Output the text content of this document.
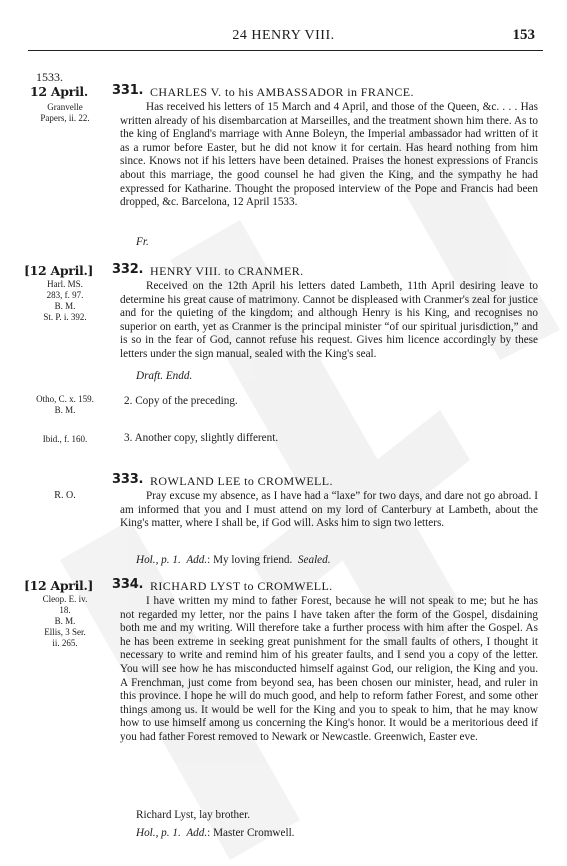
24 HENRY VIII.	153
1533.
12 April.
Granvelle
Papers, ii. 22.
331. CHARLES V. to his AMBASSADOR in FRANCE.
Has received his letters of 15 March and 4 April, and those of the Queen, &c. . . . Has written already of his disembarcation at Marseilles, and the treatment shown him there. As to the king of England's marriage with Anne Boleyn, the Imperial ambassador had written of it as a rumor before Easter, but he did not know it for certain. Has heard nothing from him since. Knows not if his letters have been detained. Praises the honest expressions of Francis about this marriage, the good counsel he had given the King, and the sympathy he had expressed for Katharine. Thought the proposed interview of the Pope and Francis had been dropped, &c. Barcelona, 12 April 1533.
Fr.
[12 April.]
Harl. MS.
283, f. 97.
B. M.
St. P. i. 392.
332. HENRY VIII. to CRANMER.
Received on the 12th April his letters dated Lambeth, 11th April desiring leave to determine his great cause of matrimony. Cannot be displeased with Cranmer's zeal for justice and for the quieting of the kingdom; and although Henry is his King, and recognises no superior on earth, yet as Cranmer is the principal minister “of our spiritual jurisdiction,” and is so in the fear of God, cannot refuse his request. Gives him licence accordingly by these letters under the sign manual, sealed with the King's seal.
Draft. Endd.
Otho, C. x. 159.
B. M.
2. Copy of the preceding.
Ibid., f. 160.	3. Another copy, slightly different.
R. O.
333. ROWLAND LEE to CROMWELL.
Pray excuse my absence, as I have had a “laxe” for two days, and dare not go abroad. I am informed that you and I must attend on my lord of Canterbury at Lambeth, about the King's matter, where I shall be, if God will. Asks him to sign two letters.
Hol., p. 1. Add.: My loving friend. Sealed.
[12 April.]
Cleop. E. iv.
18.
B. M.
Ellis, 3 Ser.
ii. 265.
334. RICHARD LYST to CROMWELL.
I have written my mind to father Forest, because he will not speak to me; but he has not regarded my letter, nor the pains I have taken after the form of the Gospel, disdaining both me and my writing. Will therefore take a further process with him after the Gospel. As he has been extreme in seeking great punishment for the small faults of others, I thought it necessary to write and remind him of his greater faults, and I send you a copy of the letter. You will see how he has misconducted himself against God, our religion, the King and you. A Frenchman, just come from beyond sea, has been chosen our minister, head, and ruler in this province. I hope he will do much good, and help to reform father Forest, and some other things among us. It would be well for the King and you to speak to him, that he may know how to use himself among us concerning the King's honor. It would be a meritorious deed if you had father Forest removed to Newark or Newcastle. Greenwich, Easter eve.
Richard Lyst, lay brother.
Hol., p. 1. Add.: Master Cromwell.
